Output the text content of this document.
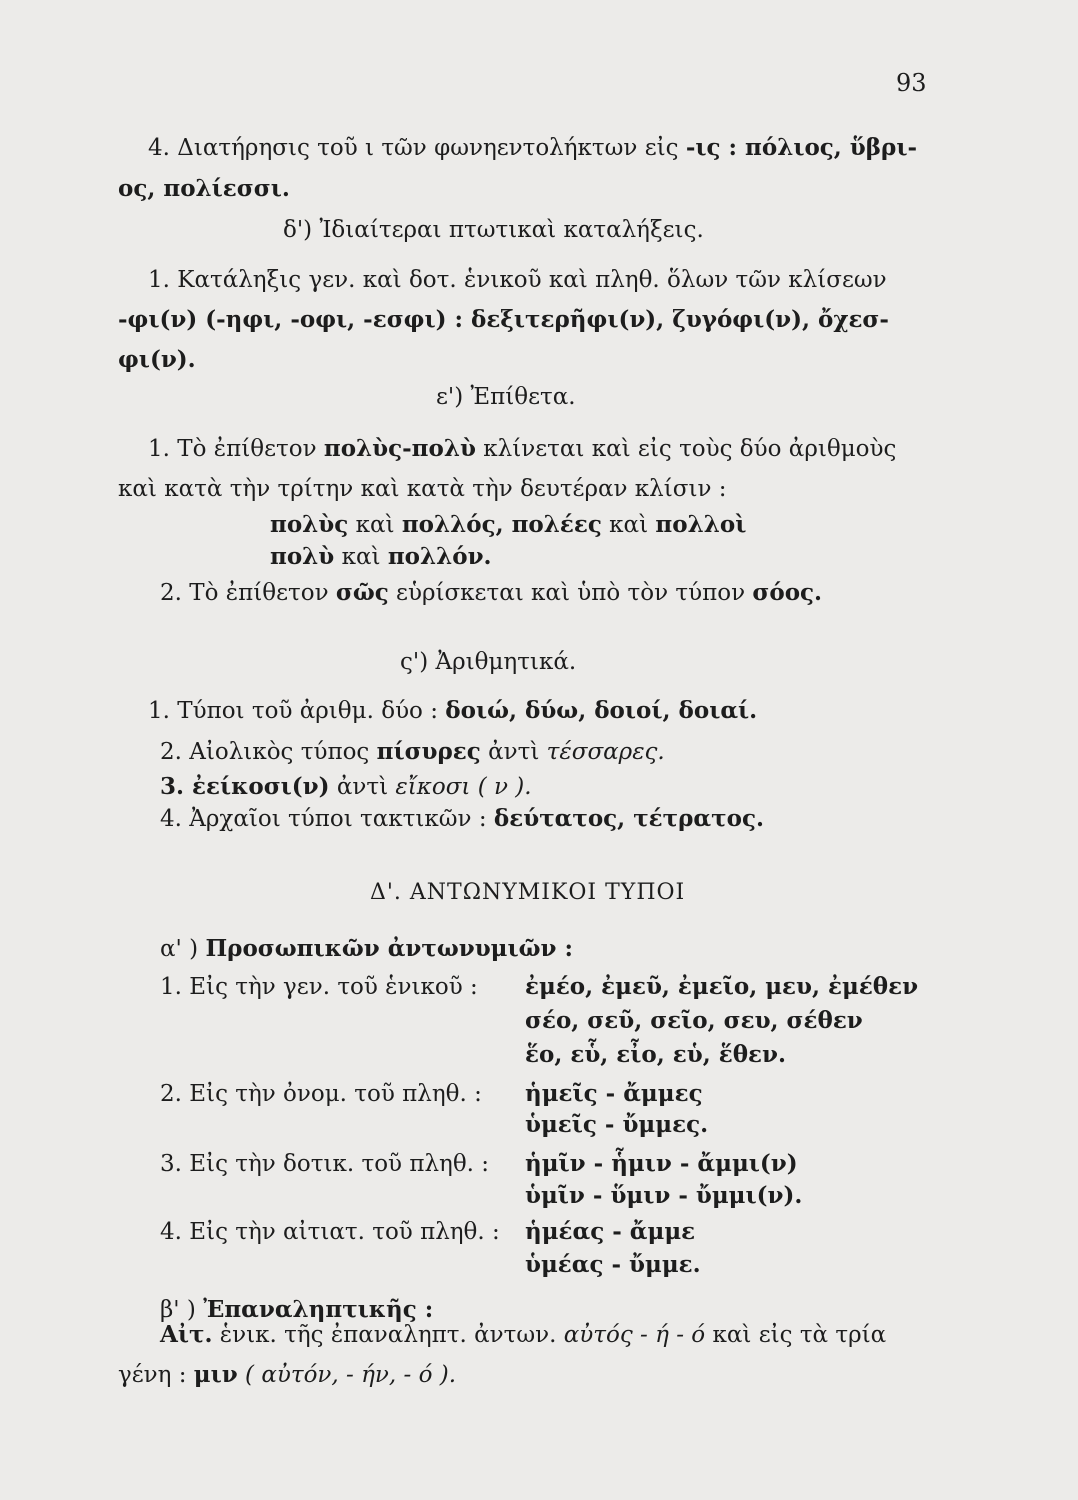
93
4. Διατήρησις τοῦ ι τῶν φωνηεντολήκτων εἰς -ις : πόλιος, ὕβρι-
ος, πολίεσσι.
δ') Ἰδιαίτεραι πτωτικαὶ καταλήξεις.
1. Κατάληξις γεν. καὶ δοτ. ἑνικοῦ καὶ πληθ. ὅλων τῶν κλίσεων
-φι(ν) (-ηφι, -οφι, -εσφι) : δεξιτερῆφι(ν), ζυγόφι(ν), ὄχεσ-
φι(ν).
ε') Ἐπίθετα.
1. Τὸ ἐπίθετον πολὺς-πολὺ κλίνεται καὶ εἰς τοὺς δύο ἀριθμοὺς
καὶ κατὰ τὴν τρίτην καὶ κατὰ τὴν δευτέραν κλίσιν :
πολὺς καὶ πολλός, πολέες καὶ πολλοὶ
πολὺ καὶ πολλόν.
2. Τὸ ἐπίθετον σῶς εὑρίσκεται καὶ ὑπὸ τὸν τύπον σόος.
ς') Ἀριθμητικά.
1. Τύποι τοῦ ἀριθμ. δύο : δοιώ, δύω, δοιοί, δοιαί.
2. Αἰολικὸς τύπος πίσυρες ἀντὶ τέσσαρες.
3. ἐείκοσι(ν) ἀντὶ εἴκοσι ( ν ).
4. Ἀρχαῖοι τύποι τακτικῶν : δεύτατος, τέτρατος.
Δ'. ΑΝΤΩΝΥΜΙΚΟΙ ΤΥΠΟΙ
α' ) Προσωπικῶν ἀντωνυμιῶν :
1. Εἰς τὴν γεν. τοῦ ἑνικοῦ : ἐμέο, ἐμεῦ, ἐμεῖο, μευ, ἐμέθεν
σέο, σεῦ, σεῖο, σευ, σέθεν
ἕο, εὗ, εἶο, εὑ, ἕθεν.
2. Εἰς τὴν ὀνομ. τοῦ πληθ. : ἡμεῖς - ἄμμες
ὑμεῖς - ὔμμες.
3. Εἰς τὴν δοτικ. τοῦ πληθ. : ἡμῖν - ἧμιν - ἄμμι(ν)
ὑμῖν - ὕμιν - ὔμμι(ν).
4. Εἰς τὴν αἰτιατ. τοῦ πληθ. : ἡμέας - ἄμμε
ὑμέας - ὔμμε.
β' ) Ἐπαναληπτικῆς :
Αἰτ. ἑνικ. τῆς ἐπαναληπτ. ἀντων. αὐτός - ή - ό καὶ εἰς τὰ τρία
γένη : μιν ( αὐτόν, - ήν, - ό ).
